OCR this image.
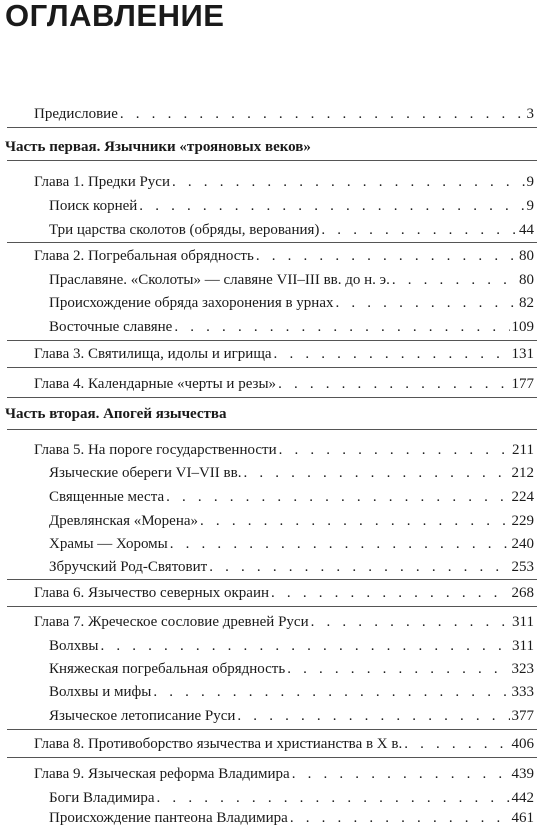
ОГЛАВЛЕНИЕ
Предисловие . . .	3
Часть первая. Язычники «трояновых веков»
Глава 1. Предки Руси . . .	9
Поиск корней . . .	9
Три царства сколотов (обряды, верования) . . .	44
Глава 2. Погребальная обрядность . . .	80
Праславяне. «Сколоты» — славяне VII–III вв. до н. э. . . .	80
Происхождение обряда захоронения в урнах . . .	82
Восточные славяне . . .	109
Глава 3. Святилища, идолы и игрища . . .	131
Глава 4. Календарные «черты и резы» . . .	177
Часть вторая. Апогей язычества
Глава 5. На пороге государственности . . .	211
Языческие обереги VI–VII вв. . . .	212
Священные места . . .	224
Древлянская «Морена» . . .	229
Храмы — Хоромы . . .	240
Збручский Род-Святовит . . .	253
Глава 6. Язычество северных окраин . . .	268
Глава 7. Жреческое сословие древней Руси . . .	311
Волхвы . . .	311
Княжеская погребальная обрядность . . .	323
Волхвы и мифы . . .	333
Языческое летописание Руси . . .	377
Глава 8. Противоборство язычества и христианства в X в. . . .	406
Глава 9. Языческая реформа Владимира . . .	439
Боги Владимира . . .	442
Происхождение пантеона Владимира . . .	461
